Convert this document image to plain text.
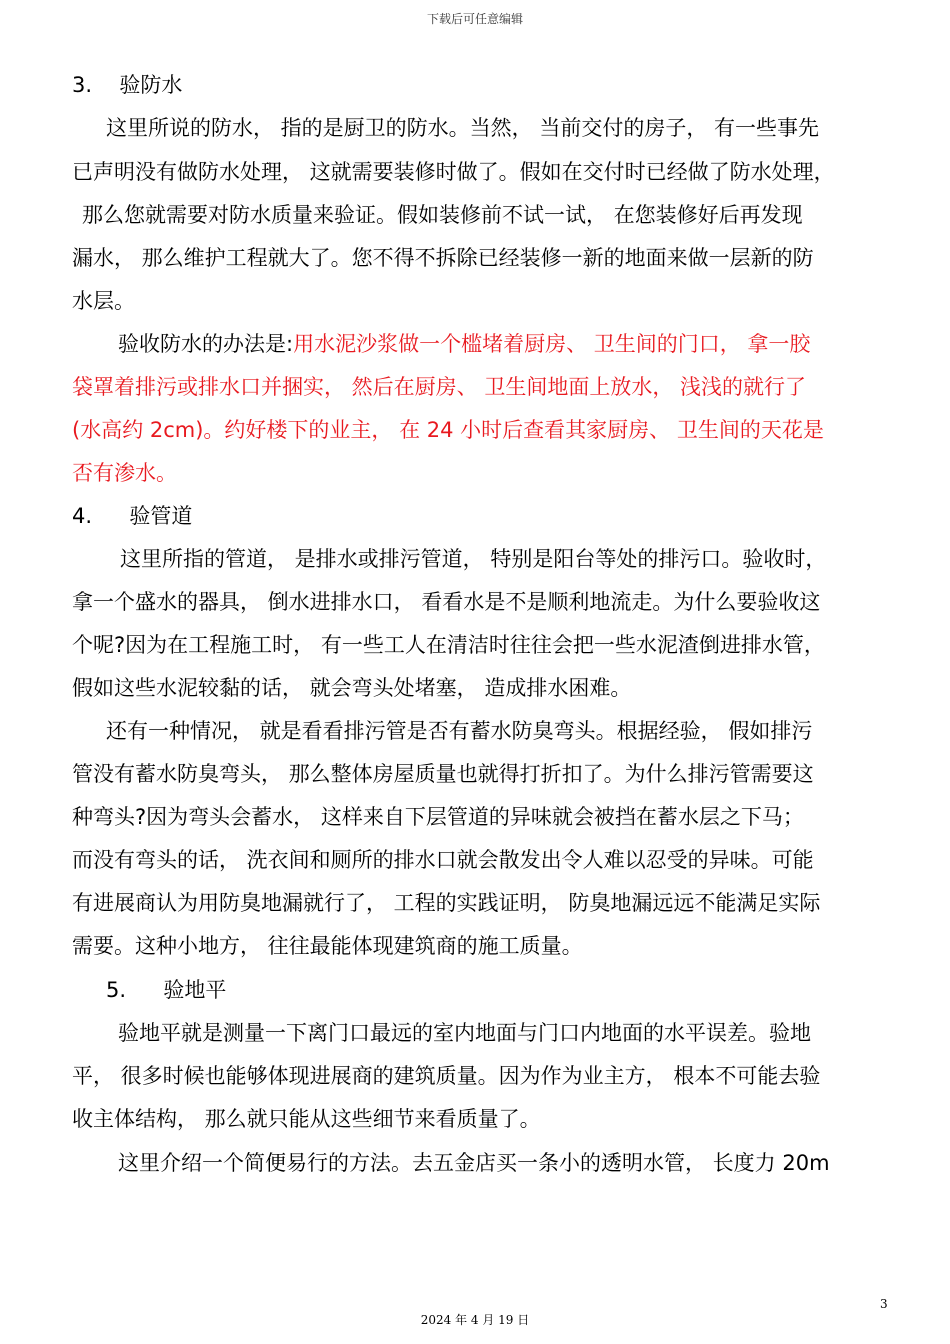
下载后可任意编辑
3. 验防水
这里所说的防水， 指的是厨卫的防水。当然， 当前交付的房子， 有一些事先
已声明没有做防水处理， 这就需要装修时做了。假如在交付时已经做了防水处理，
那么您就需要对防水质量来验证。假如装修前不试一试， 在您装修好后再发现
漏水， 那么维护工程就大了。您不得不拆除已经装修一新的地面来做一层新的防
水层。
验收防水的办法是:用水泥沙浆做一个槛堵着厨房、 卫生间的门口， 拿一胶
袋罩着排污或排水口并捆实， 然后在厨房、 卫生间地面上放水， 浅浅的就行了
(水高约 2cm)。约好楼下的业主， 在 24 小时后查看其家厨房、 卫生间的天花是
否有渗水。
4. 验管道
这里所指的管道， 是排水或排污管道， 特别是阳台等处的排污口。验收时，
拿一个盛水的器具， 倒水进排水口， 看看水是不是顺利地流走。为什么要验收这
个呢?因为在工程施工时， 有一些工人在清洁时往往会把一些水泥渣倒进排水管，
假如这些水泥较黏的话， 就会弯头处堵塞， 造成排水困难。
还有一种情况， 就是看看排污管是否有蓄水防臭弯头。根据经验， 假如排污
管没有蓄水防臭弯头， 那么整体房屋质量也就得打折扣了。为什么排污管需要这
种弯头?因为弯头会蓄水， 这样来自下层管道的异味就会被挡在蓄水层之下马；
而没有弯头的话， 洗衣间和厕所的排水口就会散发出令人难以忍受的异味。可能
有进展商认为用防臭地漏就行了， 工程的实践证明， 防臭地漏远远不能满足实际
需要。这种小地方， 往往最能体现建筑商的施工质量。
5. 验地平
验地平就是测量一下离门口最远的室内地面与门口内地面的水平误差。验地
平， 很多时候也能够体现进展商的建筑质量。因为作为业主方， 根本不可能去验
收主体结构， 那么就只能从这些细节来看质量了。
这里介绍一个简便易行的方法。去五金店买一条小的透明水管， 长度力 20m
3
2024 年 4 月 19 日
